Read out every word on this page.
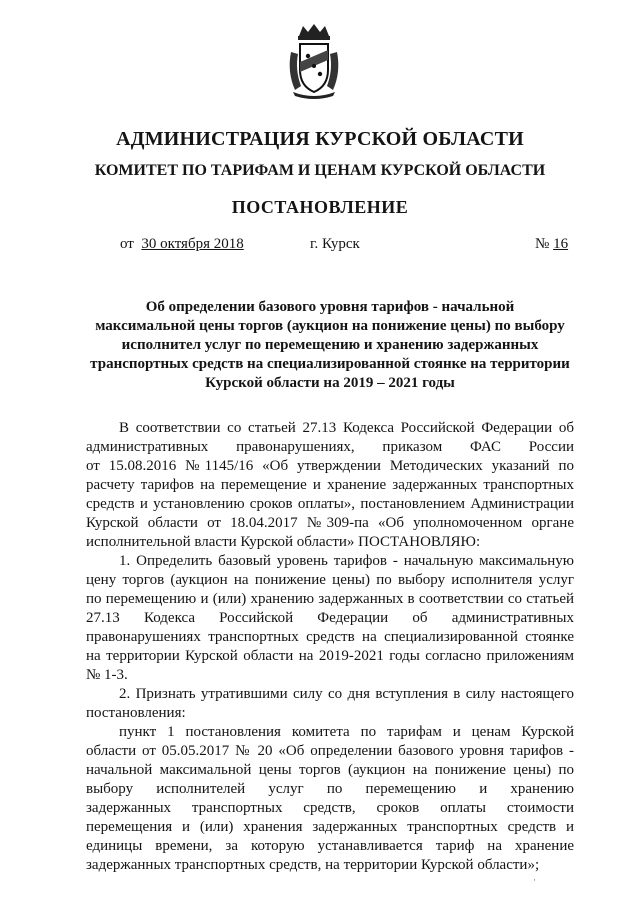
АДМИНИСТРАЦИЯ КУРСКОЙ ОБЛАСТИ
КОМИТЕТ ПО ТАРИФАМ И ЦЕНАМ КУРСКОЙ ОБЛАСТИ
ПОСТАНОВЛЕНИЕ
от 30 октября 2018	г. Курск	№ 16
Об определении базового уровня тарифов - начальной
максимальной цены торгов (аукцион на понижение цены) по выбору
исполнител услуг по перемещению и хранению задержанных
транспортных средств на специализированной стоянке на территории
Курской области на 2019 – 2021 годы
В соответствии со статьей 27.13 Кодекса Российской Федерации об
административных правонарушениях, приказом ФАС России
от 15.08.2016 №1145/16 «Об утверждении Методических указаний по
расчету тарифов на перемещение и хранение задержанных транспортных
средств и установлению сроков оплаты», постановлением Администрации
Курской области от 18.04.2017 №309-па «Об уполномоченном органе
исполнительной власти Курской области» ПОСТАНОВЛЯЮ:
1. Определить базовый уровень тарифов - начальную максимальную
цену торгов (аукцион на понижение цены) по выбору исполнителя услуг
по перемещению и (или) хранению задержанных в соответствии со статьей
27.13 Кодекса Российской Федерации об административных
правонарушениях транспортных средств на специализированной стоянке
на территории Курской области на 2019-2021 годы согласно приложениям
№ 1-3.
2. Признать утратившими силу со дня вступления в силу настоящего
постановления:
пункт 1 постановления комитета по тарифам и ценам Курской
области от 05.05.2017 № 20 «Об определении базового уровня тарифов -
начальной максимальной цены торгов (аукцион на понижение цены) по
выбору исполнителей услуг по перемещению и хранению
задержанных транспортных средств, сроков оплаты стоимости
перемещения и (или) хранения задержанных транспортных средств и
единицы времени, за которую устанавливается тариф на хранение
задержанных транспортных средств, на территории Курской области»;
·
